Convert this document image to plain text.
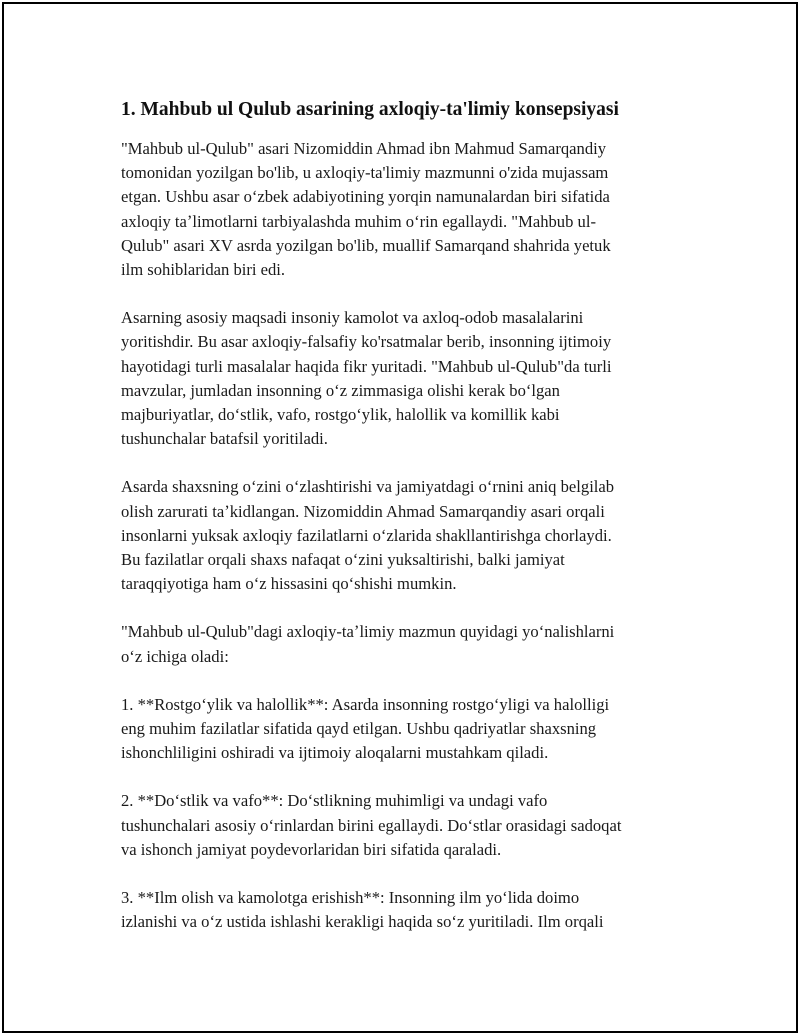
1. Mahbub ul Qulub asarining axloqiy-ta'limiy konsepsiyasi

"Mahbub ul-Qulub" asari Nizomiddin Ahmad ibn Mahmud Samarqandiy
tomonidan yozilgan bo'lib, u axloqiy-ta'limiy mazmunni o'zida mujassam
etgan. Ushbu asar oʻzbek adabiyotining yorqin namunalardan biri sifatida
axloqiy taʼlimotlarni tarbiyalashda muhim oʻrin egallaydi. "Mahbub ul-
Qulub" asari XV asrda yozilgan bo'lib, muallif Samarqand shahrida yetuk
ilm sohiblaridan biri edi.

Asarning asosiy maqsadi insoniy kamolot va axloq-odob masalalarini
yoritishdir. Bu asar axloqiy-falsafiy ko'rsatmalar berib, insonning ijtimoiy
hayotidagi turli masalalar haqida fikr yuritadi. "Mahbub ul-Qulub"da turli
mavzular, jumladan insonning oʻz zimmasiga olishi kerak boʻlgan
majburiyatlar, doʻstlik, vafo, rostgoʻylik, halollik va komillik kabi
tushunchalar batafsil yoritiladi.

Asarda shaxsning oʻzini oʻzlashtirishi va jamiyatdagi oʻrnini aniq belgilab
olish zarurati taʼkidlangan. Nizomiddin Ahmad Samarqandiy asari orqali
insonlarni yuksak axloqiy fazilatlarni oʻzlarida shakllantirishga chorlaydi.
Bu fazilatlar orqali shaxs nafaqat oʻzini yuksaltirishi, balki jamiyat
taraqqiyotiga ham oʻz hissasini qoʻshishi mumkin.

"Mahbub ul-Qulub"dagi axloqiy-taʼlimiy mazmun quyidagi yoʻnalishlarni
oʻz ichiga oladi:

1. **Rostgoʻylik va halollik**: Asarda insonning rostgoʻyligi va halolligi
eng muhim fazilatlar sifatida qayd etilgan. Ushbu qadriyatlar shaxsning
ishonchliligini oshiradi va ijtimoiy aloqalarni mustahkam qiladi.

2. **Doʻstlik va vafo**: Doʻstlikning muhimligi va undagi vafo
tushunchalari asosiy oʻrinlardan birini egallaydi. Doʻstlar orasidagi sadoqat
va ishonch jamiyat poydevorlaridan biri sifatida qaraladi.

3. **Ilm olish va kamolotga erishish**: Insonning ilm yoʻlida doimo
izlanishi va oʻz ustida ishlashi kerakligi haqida soʻz yuritiladi. Ilm orqali
